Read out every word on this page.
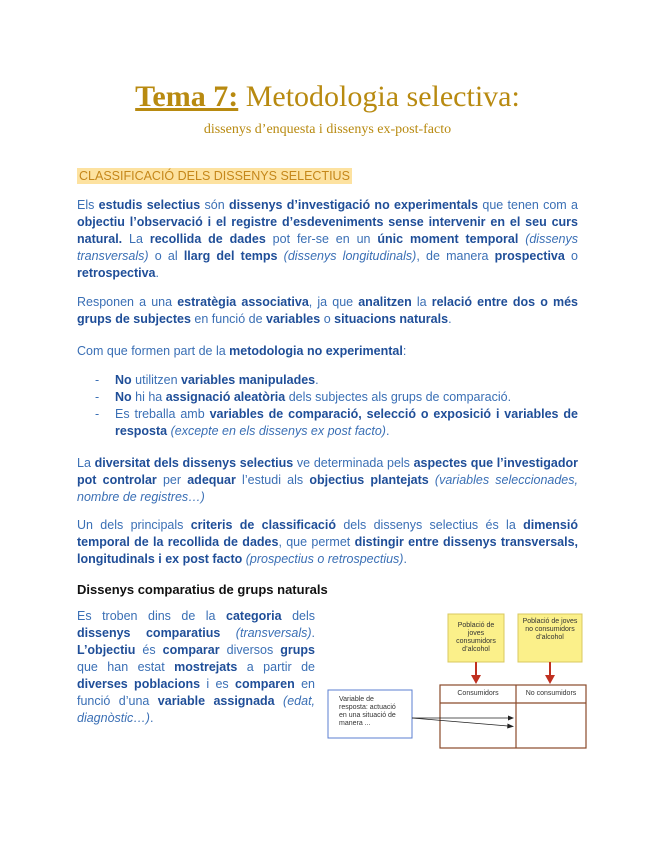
Tema 7: Metodologia selectiva:
dissenys d’enquesta i dissenys ex-post-facto
CLASSIFICACIÓ DELS DISSENYS SELECTIUS
Els estudis selectius són dissenys d’investigació no experimentals que tenen com a objectiu l’observació i el registre d’esdeveniments sense intervenir en el seu curs natural. La recollida de dades pot fer-se en un únic moment temporal (dissenys transversals) o al llarg del temps (dissenys longitudinals), de manera prospectiva o retrospectiva.
Responen a una estratègia associativa, ja que analitzen la relació entre dos o més grups de subjectes en funció de variables o situacions naturals.
Com que formen part de la metodologia no experimental:
- No utilitzen variables manipulades.
- No hi ha assignació aleatòria dels subjectes als grups de comparació.
- Es treballa amb variables de comparació, selecció o exposició i variables de resposta (excepte en els dissenys ex post facto).
La diversitat dels dissenys selectius ve determinada pels aspectes que l’investigador pot controlar per adequar l’estudi als objectius plantejats (variables seleccionades, nombre de registres…)
Un dels principals criteris de classificació dels dissenys selectius és la dimensió temporal de la recollida de dades, que permet distingir entre dissenys transversals, longitudinals i ex post facto (prospectius o retrospectius).
Dissenys comparatius de grups naturals
Es troben dins de la categoria dels dissenys comparatius (transversals). L’objectiu és comparar diversos grups que han estat mostrejats a partir de diverses poblacions i es comparen en funció d’una variable assignada (edat, diagnòstic…).
Població de joves consumidors d’alcohol
Població de joves no consumidors d’alcohol
Consumidors	No consumidors
Variable de resposta: actuació en una situació de manera ...
